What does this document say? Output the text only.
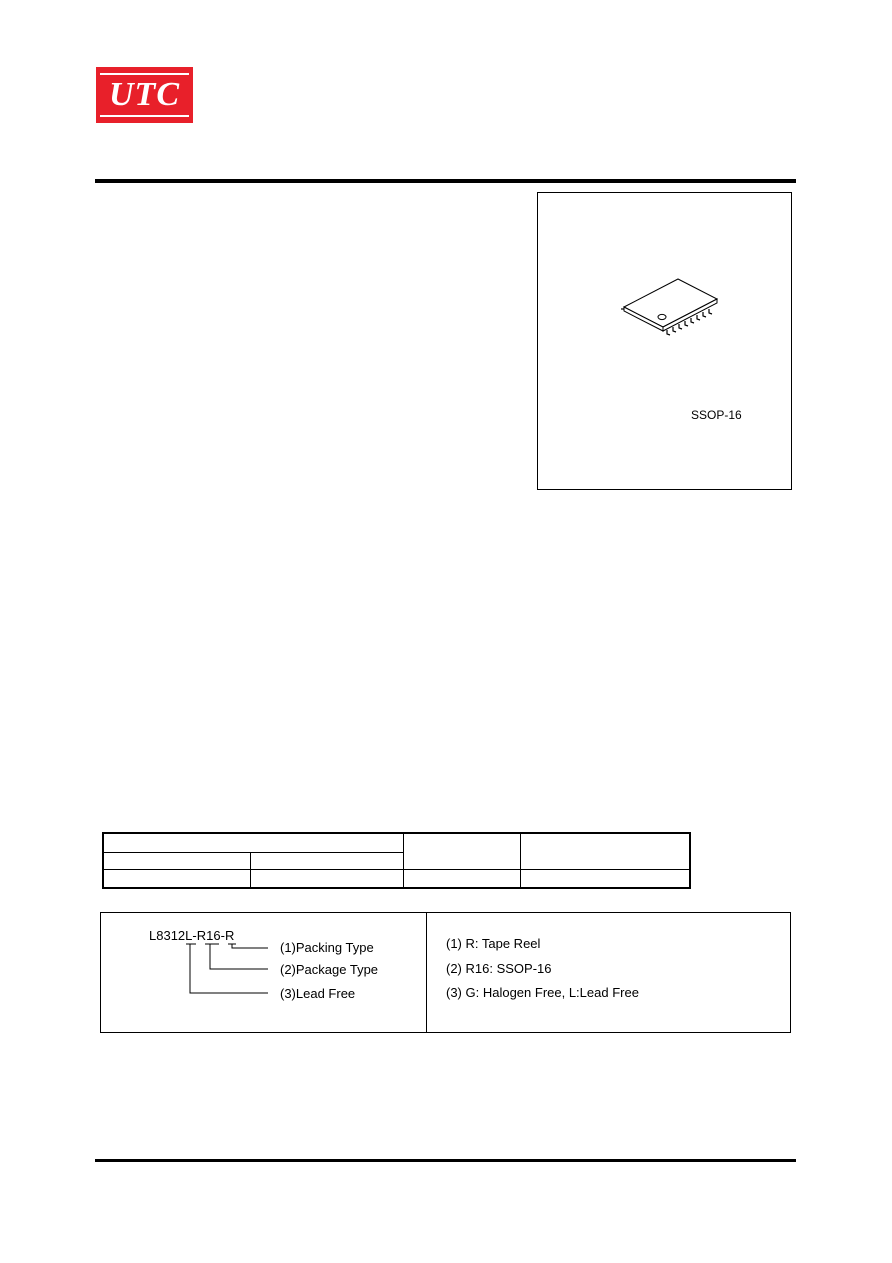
UTC
SSOP-16

L8312L-R16-R
(1)Packing Type
(2)Package Type
(3)Lead Free
(1) R: Tape Reel
(2) R16: SSOP-16
(3) G: Halogen Free, L:Lead Free
